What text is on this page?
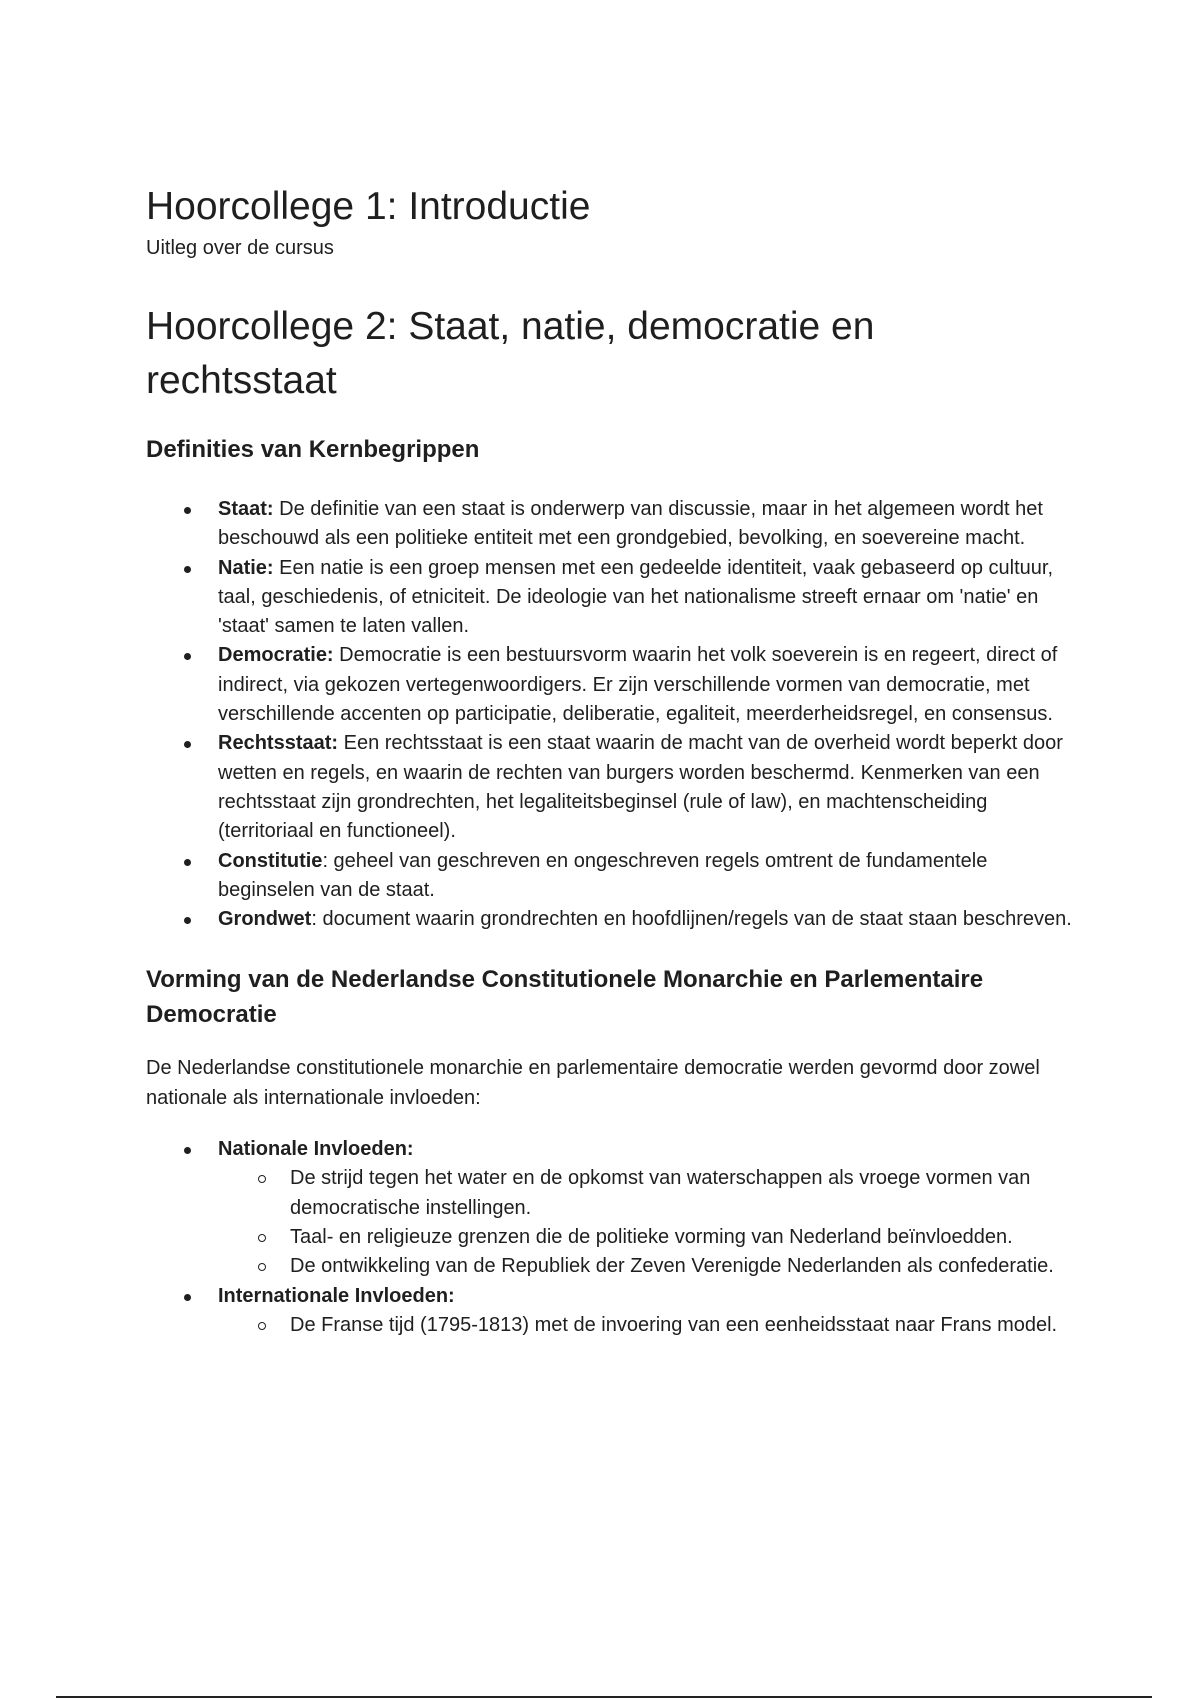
Hoorcollege 1: Introductie

Uitleg over de cursus

Hoorcollege 2: Staat, natie, democratie en rechtsstaat
Definities van Kernbegrippen
Staat: De definitie van een staat is onderwerp van discussie, maar in het algemeen wordt het beschouwd als een politieke entiteit met een grondgebied, bevolking, en soevereine macht.
Natie: Een natie is een groep mensen met een gedeelde identiteit, vaak gebaseerd op cultuur, taal, geschiedenis, of etniciteit. De ideologie van het nationalisme streeft ernaar om 'natie' en 'staat' samen te laten vallen.
Democratie: Democratie is een bestuursvorm waarin het volk soeverein is en regeert, direct of indirect, via gekozen vertegenwoordigers. Er zijn verschillende vormen van democratie, met verschillende accenten op participatie, deliberatie, egaliteit, meerderheidsregel, en consensus.
Rechtsstaat: Een rechtsstaat is een staat waarin de macht van de overheid wordt beperkt door wetten en regels, en waarin de rechten van burgers worden beschermd. Kenmerken van een rechtsstaat zijn grondrechten, het legaliteitsbeginsel (rule of law), en machtenscheiding (territoriaal en functioneel).
Constitutie: geheel van geschreven en ongeschreven regels omtrent de fundamentele beginselen van de staat.
Grondwet: document waarin grondrechten en hoofdlijnen/regels van de staat staan beschreven.
Vorming van de Nederlandse Constitutionele Monarchie en Parlementaire Democratie

De Nederlandse constitutionele monarchie en parlementaire democratie werden gevormd door zowel nationale als internationale invloeden:

Nationale Invloeden:
De strijd tegen het water en de opkomst van waterschappen als vroege vormen van democratische instellingen.
Taal- en religieuze grenzen die de politieke vorming van Nederland beïnvloedden.
De ontwikkeling van de Republiek der Zeven Verenigde Nederlanden als confederatie.
Internationale Invloeden:
De Franse tijd (1795-1813) met de invoering van een eenheidsstaat naar Frans model.
